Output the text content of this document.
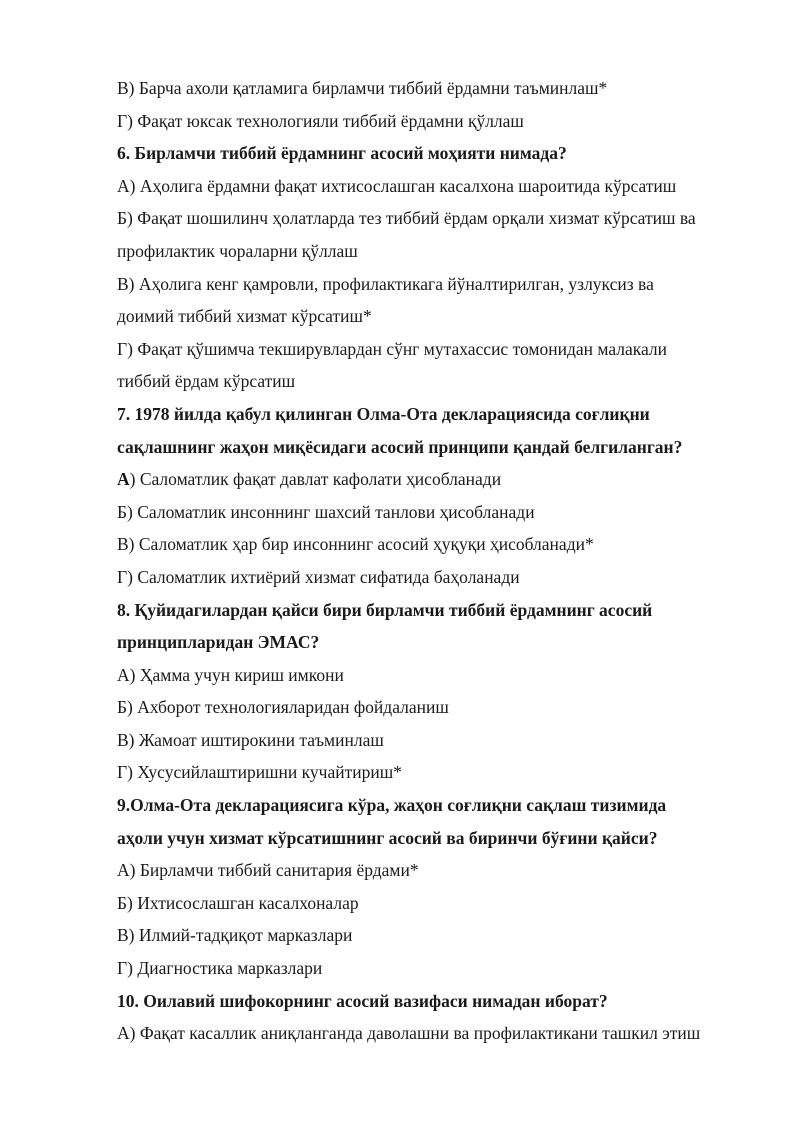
В) Барча ахоли қатламига бирламчи тиббий ёрдамни таъминлаш*
Г) Фақат юксак технологияли тиббий ёрдамни қўллаш
6. Бирламчи тиббий ёрдамнинг асосий моҳияти нимада?
А) Аҳолига ёрдамни фақат ихтисослашган касалхона шароитида кўрсатиш
Б) Фақат шошилинч ҳолатларда тез тиббий ёрдам орқали хизмат кўрсатиш ва
профилактик чораларни қўллаш
В) Аҳолига кенг қамровли, профилактикага йўналтирилган, узлуксиз ва
доимий тиббий хизмат кўрсатиш*
Г) Фақат қўшимча текширувлардан сўнг мутахассис томонидан малакали
тиббий ёрдам кўрсатиш
7. 1978 йилда қабул қилинган Олма-Ота декларациясида соғлиқни
сақлашнинг жаҳон миқёсидаги асосий принципи қандай белгиланган?
А) Саломатлик фақат давлат кафолати ҳисобланади
Б) Саломатлик инсоннинг шахсий танлови ҳисобланади
В) Саломатлик ҳар бир инсоннинг асосий ҳуқуқи ҳисобланади*
Г) Саломатлик ихтиёрий хизмат сифатида баҳоланади
8. Қуйидагилардан қайси бири бирламчи тиббий ёрдамнинг асосий
принципларидан ЭМАС?
А) Ҳамма учун кириш имкони
Б) Ахборот технологияларидан фойдаланиш
В) Жамоат иштирокини таъминлаш
Г) Хусусийлаштиришни кучайтириш*
9.Олма-Ота декларациясига кўра, жаҳон соғлиқни сақлаш тизимида
аҳоли учун хизмат кўрсатишнинг асосий ва биринчи бўғини қайси?
А) Бирламчи тиббий санитария ёрдами*
Б) Ихтисослашган касалхоналар
В) Илмий-тадқиқот марказлари
Г) Диагностика марказлари
10. Оилавий шифокорнинг асосий вазифаси нимадан иборат?
А) Фақат касаллик аниқланганда даволашни ва профилактикани ташкил этиш
